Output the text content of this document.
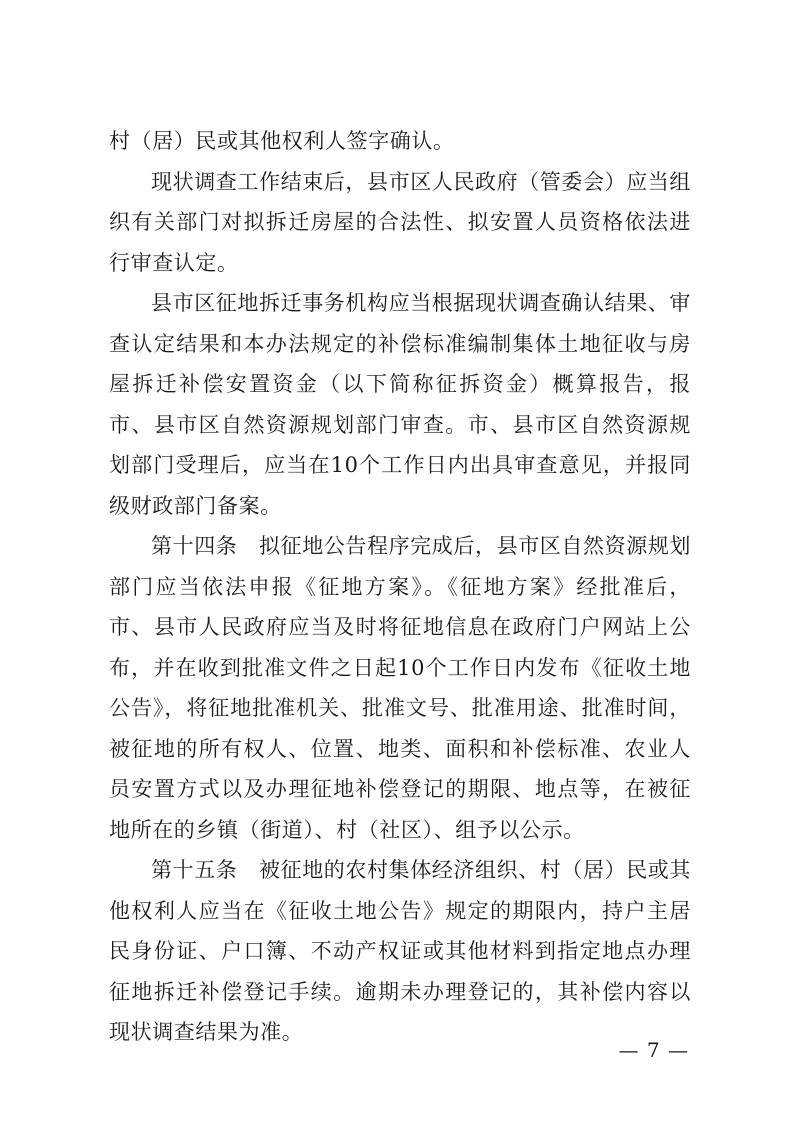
村（居）民或其他权利人签字确认。

现状调查工作结束后，县市区人民政府（管委会）应当组织有关部门对拟拆迁房屋的合法性、拟安置人员资格依法进行审查认定。

县市区征地拆迁事务机构应当根据现状调查确认结果、审查认定结果和本办法规定的补偿标准编制集体土地征收与房屋拆迁补偿安置资金（以下简称征拆资金）概算报告，报市、县市区自然资源规划部门审查。市、县市区自然资源规划部门受理后，应当在10个工作日内出具审查意见，并报同级财政部门备案。

第十四条　拟征地公告程序完成后，县市区自然资源规划部门应当依法申报《征地方案》。《征地方案》经批准后，市、县市人民政府应当及时将征地信息在政府门户网站上公布，并在收到批准文件之日起10个工作日内发布《征收土地公告》，将征地批准机关、批准文号、批准用途、批准时间，被征地的所有权人、位置、地类、面积和补偿标准、农业人员安置方式以及办理征地补偿登记的期限、地点等，在被征地所在的乡镇（街道）、村（社区）、组予以公示。

第十五条　被征地的农村集体经济组织、村（居）民或其他权利人应当在《征收土地公告》规定的期限内，持户主居民身份证、户口簿、不动产权证或其他材料到指定地点办理征地拆迁补偿登记手续。逾期未办理登记的，其补偿内容以现状调查结果为准。

— 7 —
